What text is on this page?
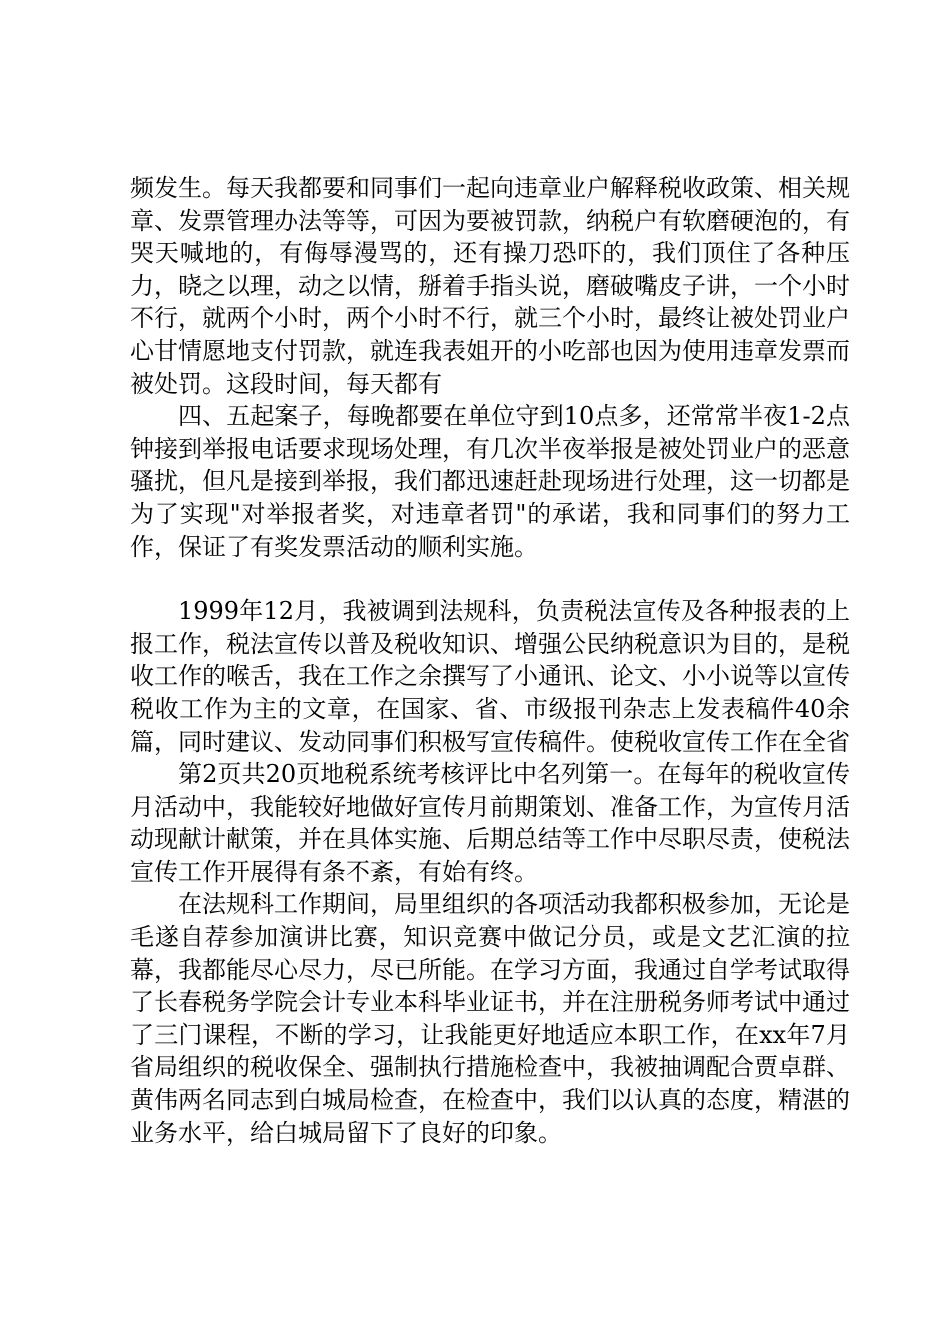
频发生。每天我都要和同事们一起向违章业户解释税收政策、相关规章、发票管理办法等等，可因为要被罚款，纳税户有软磨硬泡的，有哭天喊地的，有侮辱漫骂的，还有操刀恐吓的，我们顶住了各种压力，晓之以理，动之以情，掰着手指头说，磨破嘴皮子讲，一个小时不行，就两个小时，两个小时不行，就三个小时，最终让被处罚业户心甘情愿地支付罚款，就连我表姐开的小吃部也因为使用违章发票而被处罚。这段时间，每天都有

四、五起案子，每晚都要在单位守到10点多，还常常半夜1-2点钟接到举报电话要求现场处理，有几次半夜举报是被处罚业户的恶意骚扰，但凡是接到举报，我们都迅速赶赴现场进行处理，这一切都是为了实现"对举报者奖，对违章者罚"的承诺，我和同事们的努力工作，保证了有奖发票活动的顺利实施。

1999年12月，我被调到法规科，负责税法宣传及各种报表的上报工作，税法宣传以普及税收知识、增强公民纳税意识为目的，是税收工作的喉舌，我在工作之余撰写了小通讯、论文、小小说等以宣传税收工作为主的文章，在国家、省、市级报刊杂志上发表稿件40余篇，同时建议、发动同事们积极写宣传稿件。使税收宣传工作在全省

第2页共20页地税系统考核评比中名列第一。在每年的税收宣传月活动中，我能较好地做好宣传月前期策划、准备工作，为宣传月活动现献计献策，并在具体实施、后期总结等工作中尽职尽责，使税法宣传工作开展得有条不紊，有始有终。

在法规科工作期间，局里组织的各项活动我都积极参加，无论是毛遂自荐参加演讲比赛，知识竞赛中做记分员，或是文艺汇演的拉幕，我都能尽心尽力，尽已所能。在学习方面，我通过自学考试取得了长春税务学院会计专业本科毕业证书，并在注册税务师考试中通过了三门课程，不断的学习，让我能更好地适应本职工作，在xx年7月省局组织的税收保全、强制执行措施检查中，我被抽调配合贾卓群、黄伟两名同志到白城局检查，在检查中，我们以认真的态度，精湛的业务水平，给白城局留下了良好的印象。
